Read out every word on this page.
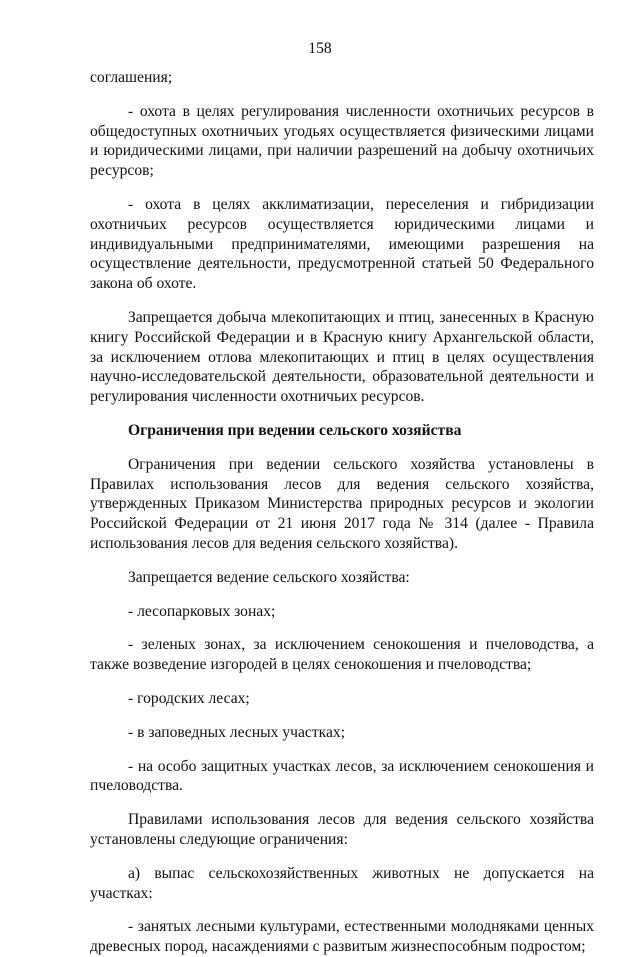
158

соглашения;

- охота в целях регулирования численности охотничьих ресурсов в общедоступных охотничьих угодьях осуществляется физическими лицами и юридическими лицами, при наличии разрешений на добычу охотничьих ресурсов;

- охота в целях акклиматизации, переселения и гибридизации охотничьих ресурсов осуществляется юридическими лицами и индивидуальными предпринимателями, имеющими разрешения на осуществление деятельности, предусмотренной статьей 50 Федерального закона об охоте.

Запрещается добыча млекопитающих и птиц, занесенных в Красную книгу Российской Федерации и в Красную книгу Архангельской области, за исключением отлова млекопитающих и птиц в целях осуществления научно-исследовательской деятельности, образовательной деятельности и регулирования численности охотничьих ресурсов.

Ограничения при ведении сельского хозяйства

Ограничения при ведении сельского хозяйства установлены в Правилах использования лесов для ведения сельского хозяйства, утвержденных Приказом Министерства природных ресурсов и экологии Российской Федерации от 21 июня 2017 года № 314 (далее - Правила использования лесов для ведения сельского хозяйства).

Запрещается ведение сельского хозяйства:

- лесопарковых зонах;

- зеленых зонах, за исключением сенокошения и пчеловодства, а также возведение изгородей в целях сенокошения и пчеловодства;

- городских лесах;

- в заповедных лесных участках;

- на особо защитных участках лесов, за исключением сенокошения и пчеловодства.

Правилами использования лесов для ведения сельского хозяйства установлены следующие ограничения:

а) выпас сельскохозяйственных животных не допускается на участках:

- занятых лесными культурами, естественными молодняками ценных древесных пород, насаждениями с развитым жизнеспособным подростом;
